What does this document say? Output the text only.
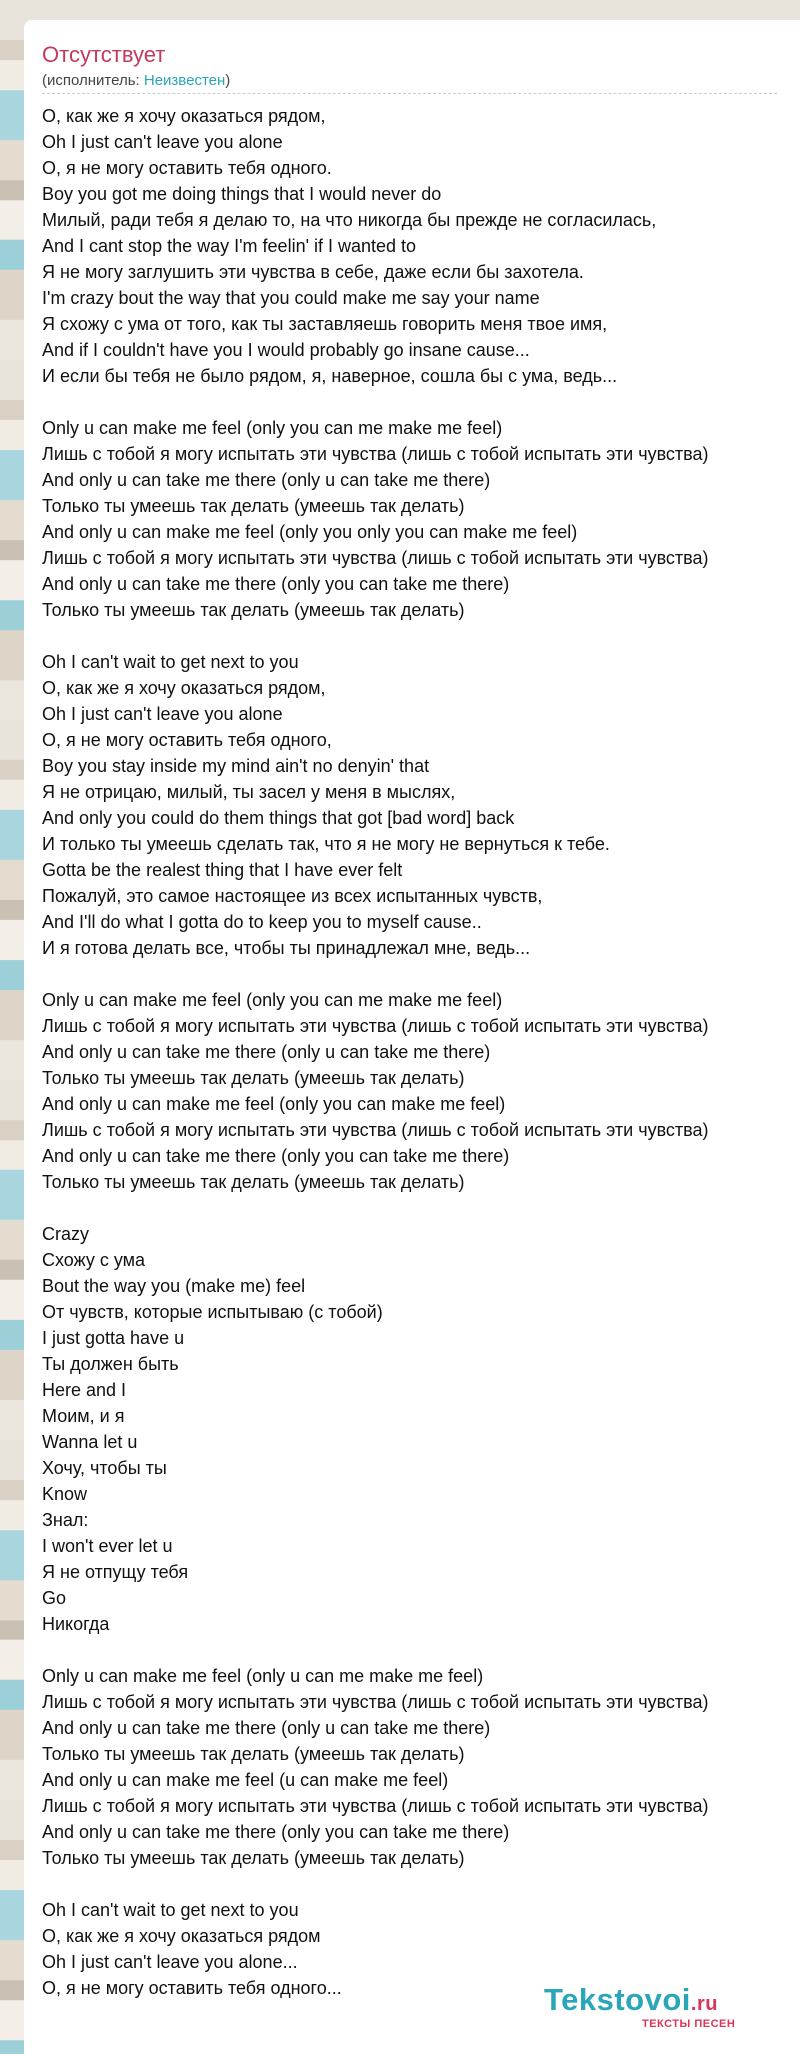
Отсутствует
(исполнитель: Неизвестен)
О, как же я хочу оказаться рядом,
Oh I just can't leave you alone
О, я не могу оставить тебя одного.
Boy you got me doing things that I would never do
Милый, ради тебя я делаю то, на что никогда бы прежде не согласилась,
And I cant stop the way I'm feelin' if I wanted to
Я не могу заглушить эти чувства в себе, даже если бы захотела.
I'm crazy bout the way that you could make me say your name
Я схожу с ума от того, как ты заставляешь говорить меня твое имя,
And if I couldn't have you I would probably go insane cause...
И если бы тебя не было рядом, я, наверное, сошла бы с ума, ведь...
Only u can make me feel (only you can me make me feel)
Лишь с тобой я могу испытать эти чувства (лишь с тобой испытать эти чувства)
And only u can take me there (only u can take me there)
Только ты умеешь так делать (умеешь так делать)
And only u can make me feel (only you only you can make me feel)
Лишь с тобой я могу испытать эти чувства (лишь с тобой испытать эти чувства)
And only u can take me there (only you can take me there)
Только ты умеешь так делать (умеешь так делать)
Oh I can't wait to get next to you
О, как же я хочу оказаться рядом,
Oh I just can't leave you alone
О, я не могу оставить тебя одного,
Boy you stay inside my mind ain't no denyin' that
Я не отрицаю, милый, ты засел у меня в мыслях,
And only you could do them things that got [bad word] back
И только ты умеешь сделать так, что я не могу не вернуться к тебе.
Gotta be the realest thing that I have ever felt
Пожалуй, это самое настоящее из всех испытанных чувств,
And I'll do what I gotta do to keep you to myself cause..
И я готова делать все, чтобы ты принадлежал мне, ведь...
Only u can make me feel (only you can me make me feel)
Лишь с тобой я могу испытать эти чувства (лишь с тобой испытать эти чувства)
And only u can take me there (only u can take me there)
Только ты умеешь так делать (умеешь так делать)
And only u can make me feel (only you can make me feel)
Лишь с тобой я могу испытать эти чувства (лишь с тобой испытать эти чувства)
And only u can take me there (only you can take me there)
Только ты умеешь так делать (умеешь так делать)
Crazy
Схожу с ума
Bout the way you (make me) feel
От чувств, которые испытываю (с тобой)
I just gotta have u
Ты должен быть
Here and I
Моим, и я
Wanna let u
Хочу, чтобы ты
Know
Знал:
I won't ever let u
Я не отпущу тебя
Go
Никогда
Only u can make me feel (only u can me make me feel)
Лишь с тобой я могу испытать эти чувства (лишь с тобой испытать эти чувства)
And only u can take me there (only u can take me there)
Только ты умеешь так делать (умеешь так делать)
And only u can make me feel (u can make me feel)
Лишь с тобой я могу испытать эти чувства (лишь с тобой испытать эти чувства)
And only u can take me there (only you can take me there)
Только ты умеешь так делать (умеешь так делать)
Oh I can't wait to get next to you
О, как же я хочу оказаться рядом
Oh I just can't leave you alone...
О, я не могу оставить тебя одного...	Tekstovoi.ru
ТЕКСТЫ ПЕСЕН
